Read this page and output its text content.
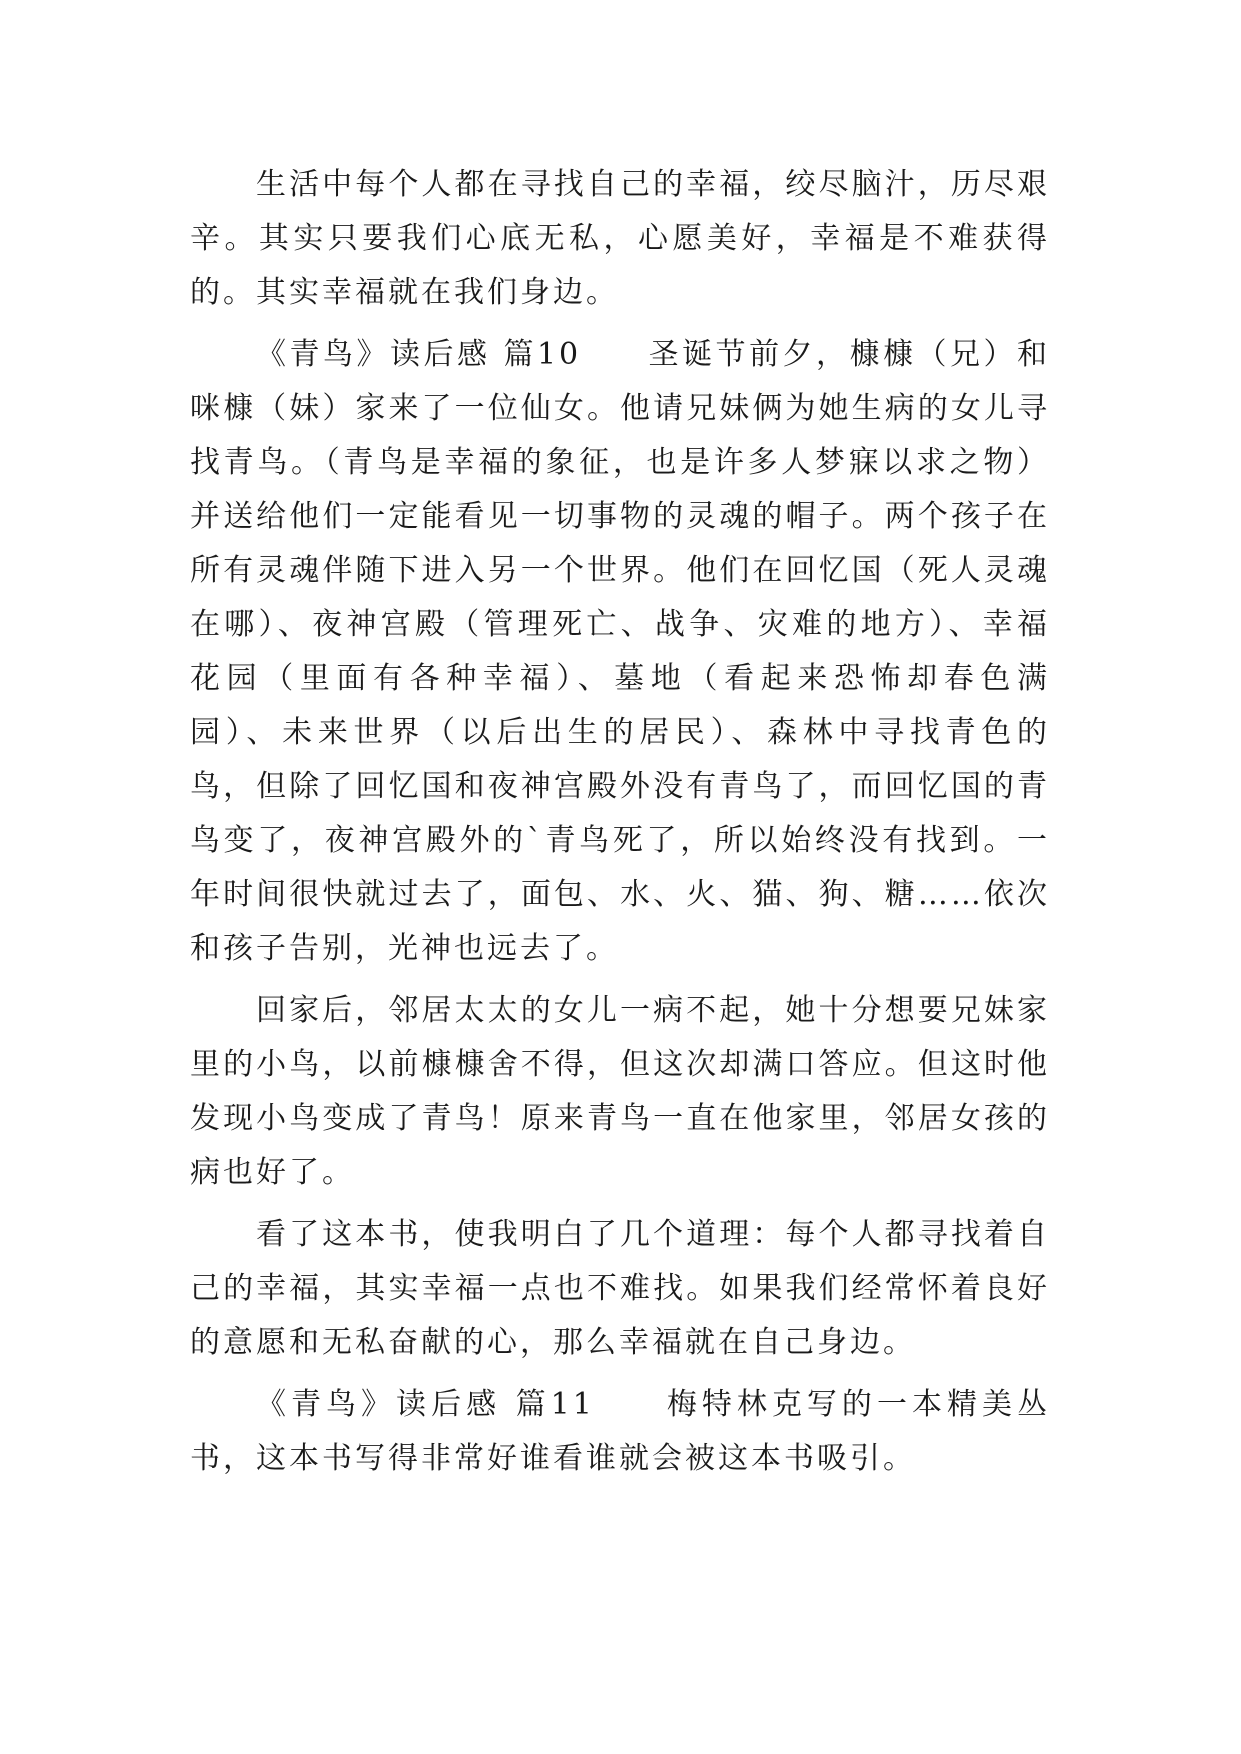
生活中每个人都在寻找自己的幸福，绞尽脑汁，历尽艰辛。其实只要我们心底无私，心愿美好，幸福是不难获得的。其实幸福就在我们身边。

《青鸟》读后感 篇10　　圣诞节前夕，槺槺（兄）和咪槺（妹）家来了一位仙女。他请兄妹俩为她生病的女儿寻找青鸟。（青鸟是幸福的象征，也是许多人梦寐以求之物）并送给他们一定能看见一切事物的灵魂的帽子。两个孩子在所有灵魂伴随下进入另一个世界。他们在回忆国（死人灵魂在哪）、夜神宫殿（管理死亡、战争、灾难的地方）、幸福花园（里面有各种幸福）、墓地（看起来恐怖却春色满园）、未来世界（以后出生的居民）、森林中寻找青色的鸟，但除了回忆国和夜神宫殿外没有青鸟了，而回忆国的青鸟变了，夜神宫殿外的`青鸟死了，所以始终没有找到。一年时间很快就过去了，面包、水、火、猫、狗、糖……依次和孩子告别，光神也远去了。

回家后，邻居太太的女儿一病不起，她十分想要兄妹家里的小鸟，以前槺槺舍不得，但这次却满口答应。但这时他发现小鸟变成了青鸟！原来青鸟一直在他家里，邻居女孩的病也好了。

看了这本书，使我明白了几个道理：每个人都寻找着自己的幸福，其实幸福一点也不难找。如果我们经常怀着良好的意愿和无私奋献的心，那么幸福就在自己身边。

《青鸟》读后感 篇11　　梅特林克写的一本精美丛书，这本书写得非常好谁看谁就会被这本书吸引。
